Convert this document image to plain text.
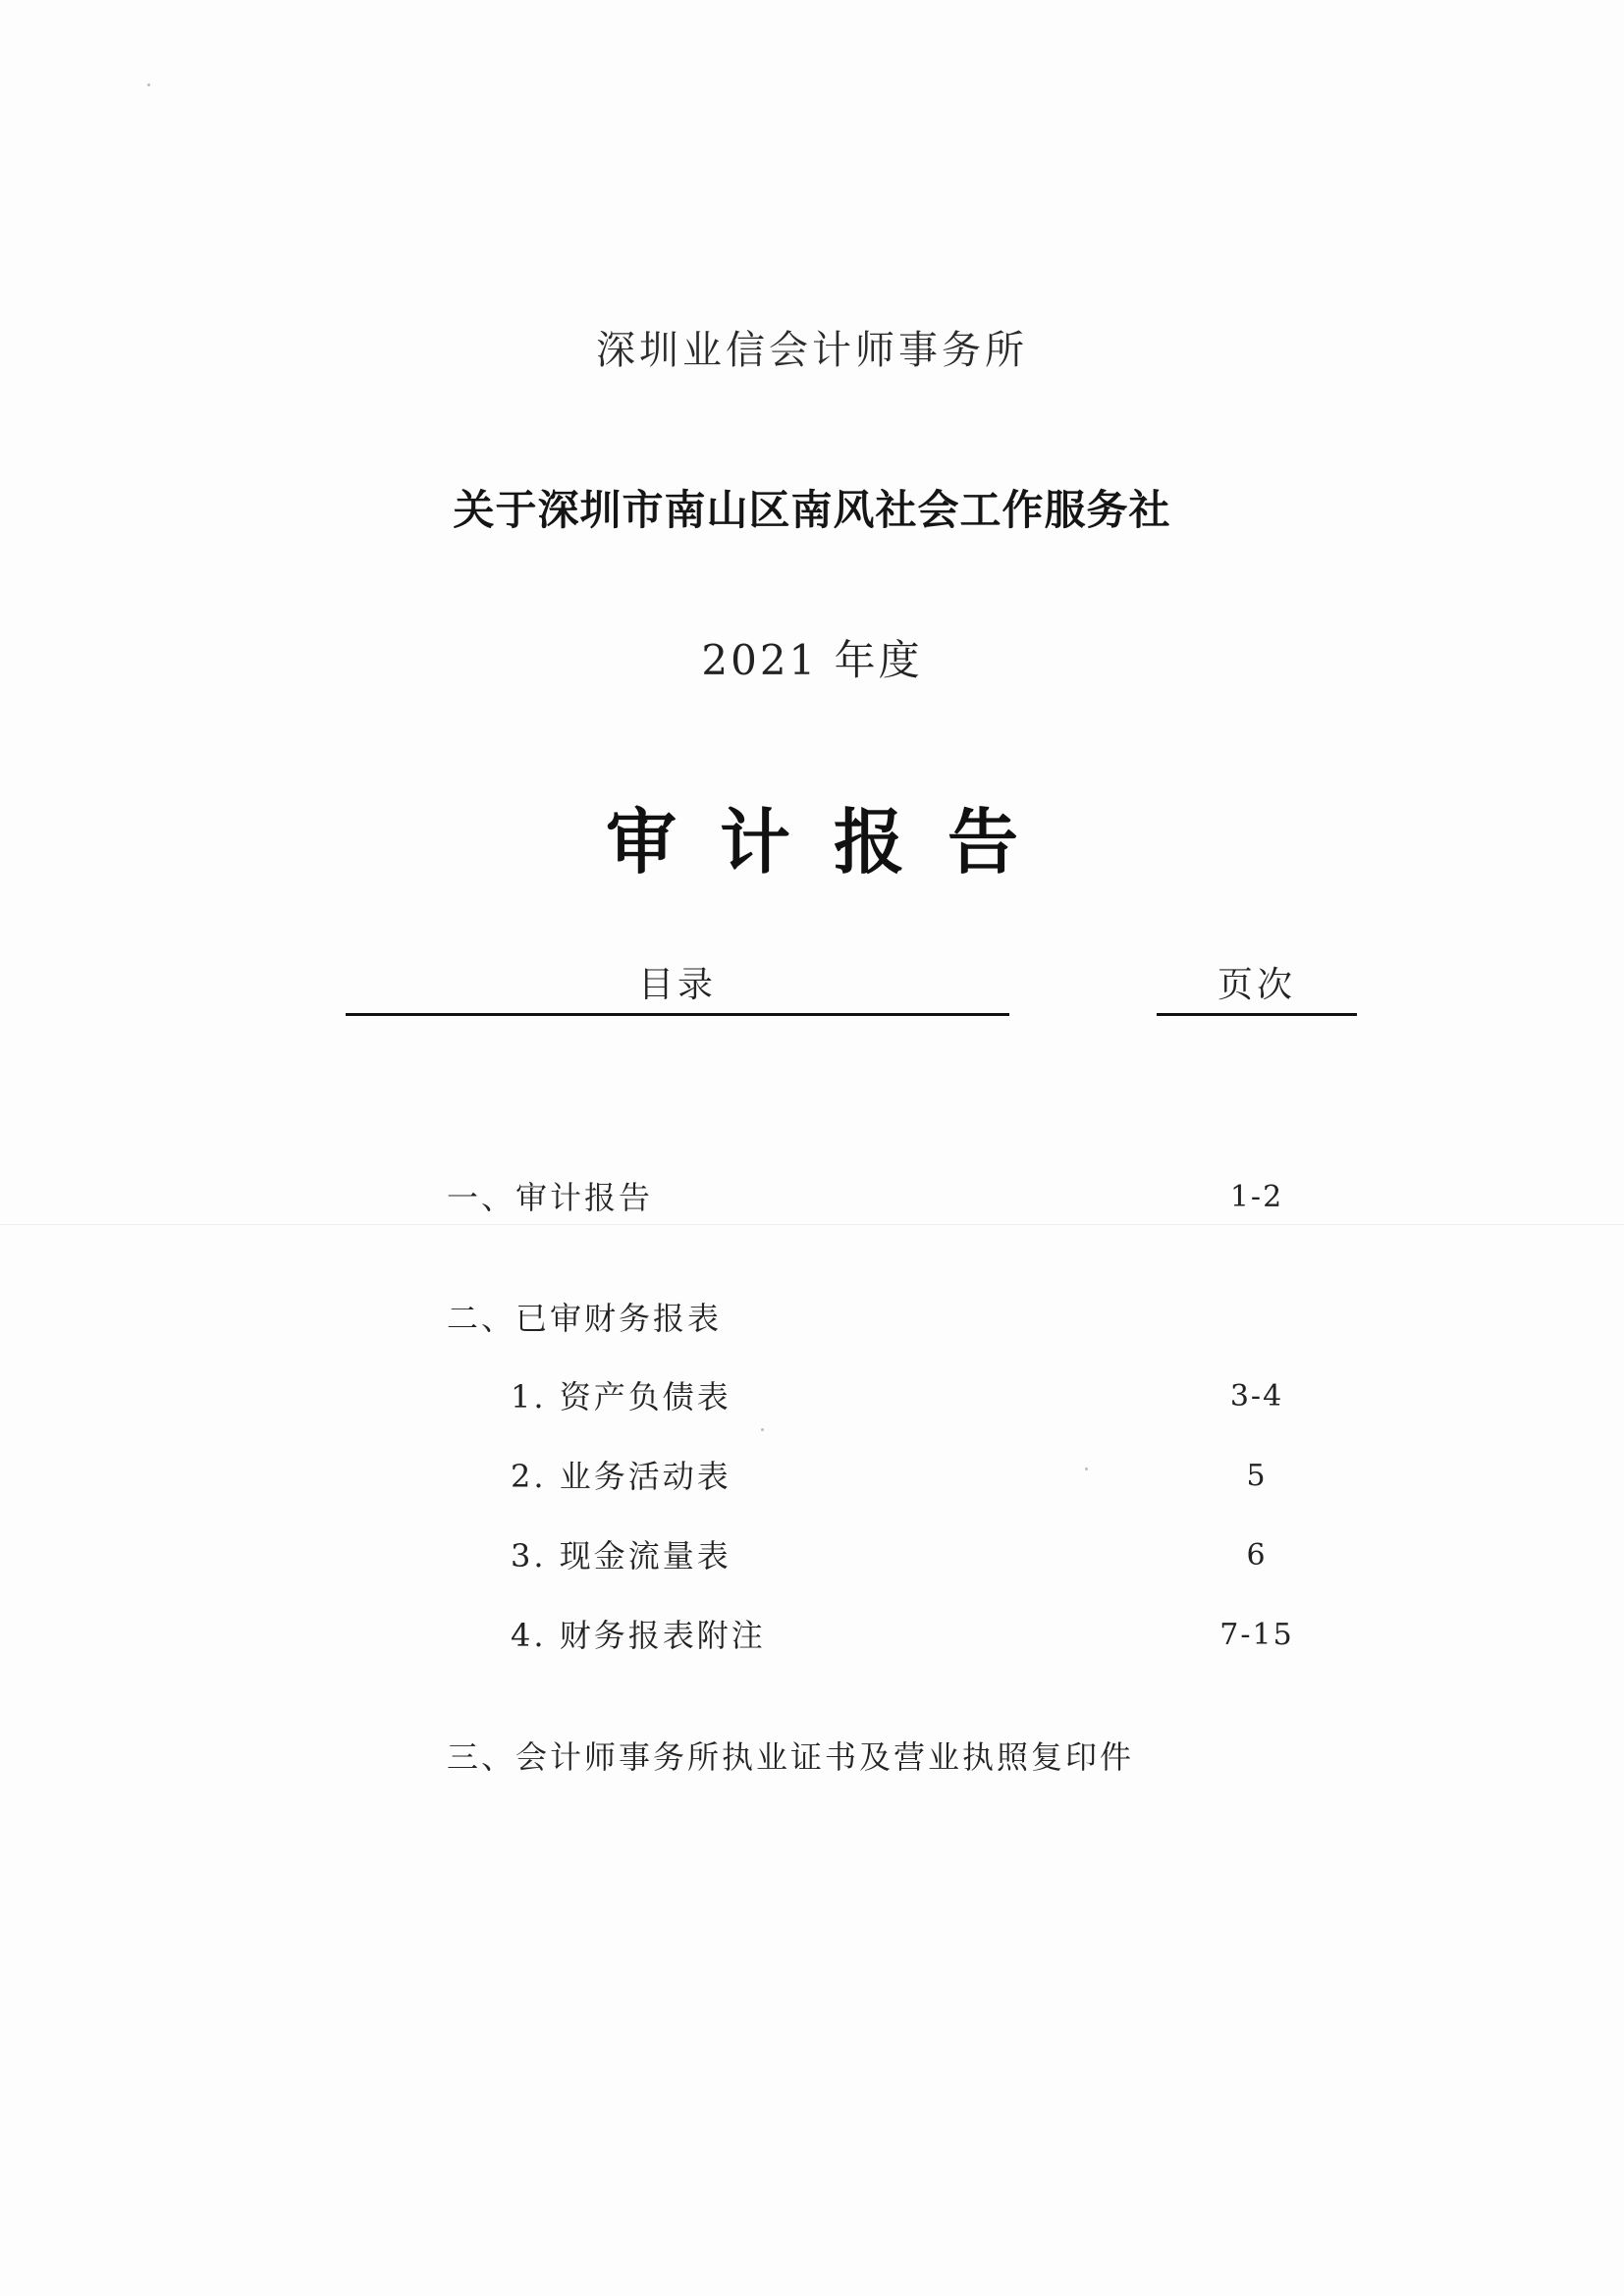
深圳业信会计师事务所
关于深圳市南山区南风社会工作服务社
2021 年度
审计报告
目录	页次
一、审计报告	1-2
二、已审财务报表
1. 资产负债表	3-4
2. 业务活动表	5
3. 现金流量表	6
4. 财务报表附注	7-15
三、会计师事务所执业证书及营业执照复印件
